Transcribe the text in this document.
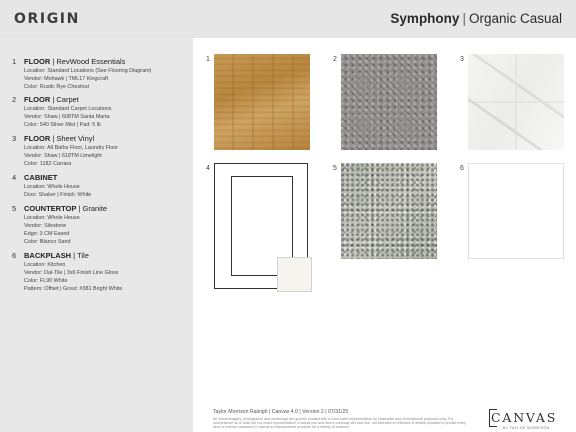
ORIGIN	Symphony | Organic Casual
1 FLOOR | RevWood Essentials
Location: Standard Locations (See Flooring Diagram)
Vendor: Mohawk | TML17 Kingcraft
Color: Rustic Rye Chestnut
2 FLOOR | Carpet
Location: Standard Carpet Locations
Vendor: Shaw | 608TM Santa Marta
Color: 540 Silver Mist | Pad: 5 lb
3 FLOOR | Sheet Vinyl
Location: All Baths Floor, Laundry Floor
Vendor: Shaw | 618TM Limelight
Color: 1182 Carrara
4 CABINET
Location: Whole House
Door: Shaker | Finish: White
5 COUNTERTOP | Granite
Location: Whole House
Vendor: Silestone
Edge: 3 CM Eased
Color: Blanco Sand
6 BACKPLASH | Tile
Location: Kitchen
Vendor: Dal-Tile | 3x6 Finish Line Gloss
Color: FL90 White
Pattern: Offset | Grout: #381 Bright White
1	2	3
4	5	6
Taylor Morrison Raleigh | Canvas 4.0 | Version 2 | 07/31/25
All virtual imagery, photographs and renderings are generic shaded with a color swim representation for illustrative and informational purposes only. For
convenience as a close but not exact representative of actual use and Item's colorway will look like, not intended to reflected of details provided to predict every
item or exterior variances in natural or manufactured products for a variety of reasons.
CANVAS
BY TAYLOR MORRISON
